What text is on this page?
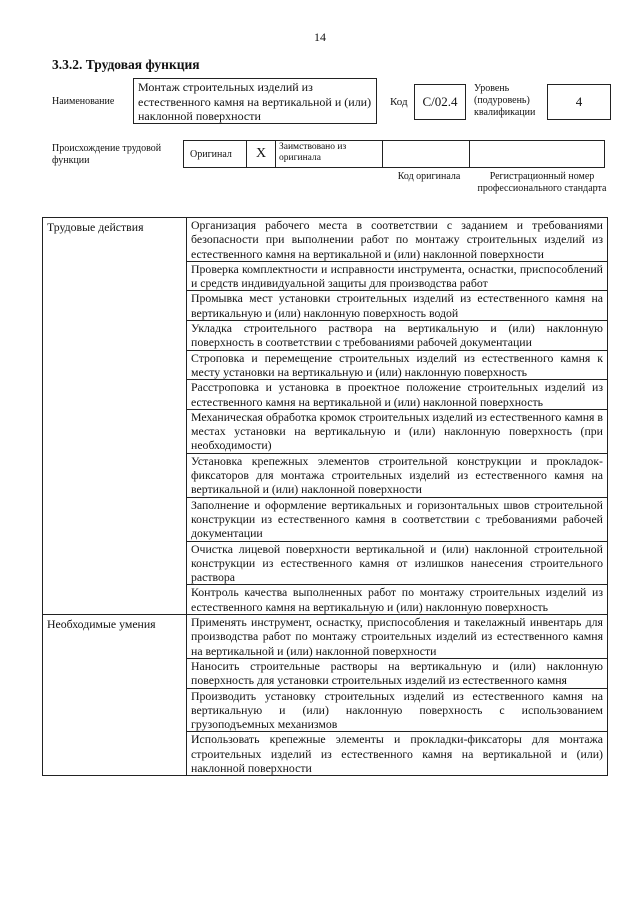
14
3.3.2. Трудовая функция
Наименование
Монтаж строительных изделий из естественного камня на вертикальной и (или) наклонной поверхности
Код	C/02.4
Уровень (подуровень) квалификации
4
Происхождение трудовой функции
Оригинал	X	Заимствовано из оригинала
Код оригинала	Регистрационный номер профессионального стандарта
Трудовые действия	Организация рабочего места в соответствии с заданием и требованиями безопасности при выполнении работ по монтажу строительных изделий из естественного камня на вертикальной и (или) наклонной поверхности
	Проверка комплектности и исправности инструмента, оснастки, приспособлений и средств индивидуальной защиты для производства работ
	Промывка мест установки строительных изделий из естественного камня на вертикальную и (или) наклонную поверхность водой
	Укладка строительного раствора на вертикальную и (или) наклонную поверхность в соответствии с требованиями рабочей документации
	Строповка и перемещение строительных изделий из естественного камня к месту установки на вертикальную и (или) наклонную поверхность
	Расстроповка и установка в проектное положение строительных изделий из естественного камня на вертикальной и (или) наклонной поверхность
	Механическая обработка кромок строительных изделий из естественного камня в местах установки на вертикальную и (или) наклонную поверхность (при необходимости)
	Установка крепежных элементов строительной конструкции и прокладок-фиксаторов для монтажа строительных изделий из естественного камня на вертикальной и (или) наклонной поверхности
	Заполнение и оформление вертикальных и горизонтальных швов строительной конструкции из естественного камня в соответствии с требованиями рабочей документации
	Очистка лицевой поверхности вертикальной и (или) наклонной строительной конструкции из естественного камня от излишков нанесения строительного раствора
	Контроль качества выполненных работ по монтажу строительных изделий из естественного камня на вертикальную и (или) наклонную поверхность
Необходимые умения	Применять инструмент, оснастку, приспособления и такелажный инвентарь для производства работ по монтажу строительных изделий из естественного камня на вертикальной и (или) наклонной поверхности
	Наносить строительные растворы на вертикальную и (или) наклонную поверхность для установки строительных изделий из естественного камня
	Производить установку строительных изделий из естественного камня на вертикальную и (или) наклонную поверхность с использованием грузоподъемных механизмов
	Использовать крепежные элементы и прокладки-фиксаторы для монтажа строительных изделий из естественного камня на вертикальной и (или) наклонной поверхности
